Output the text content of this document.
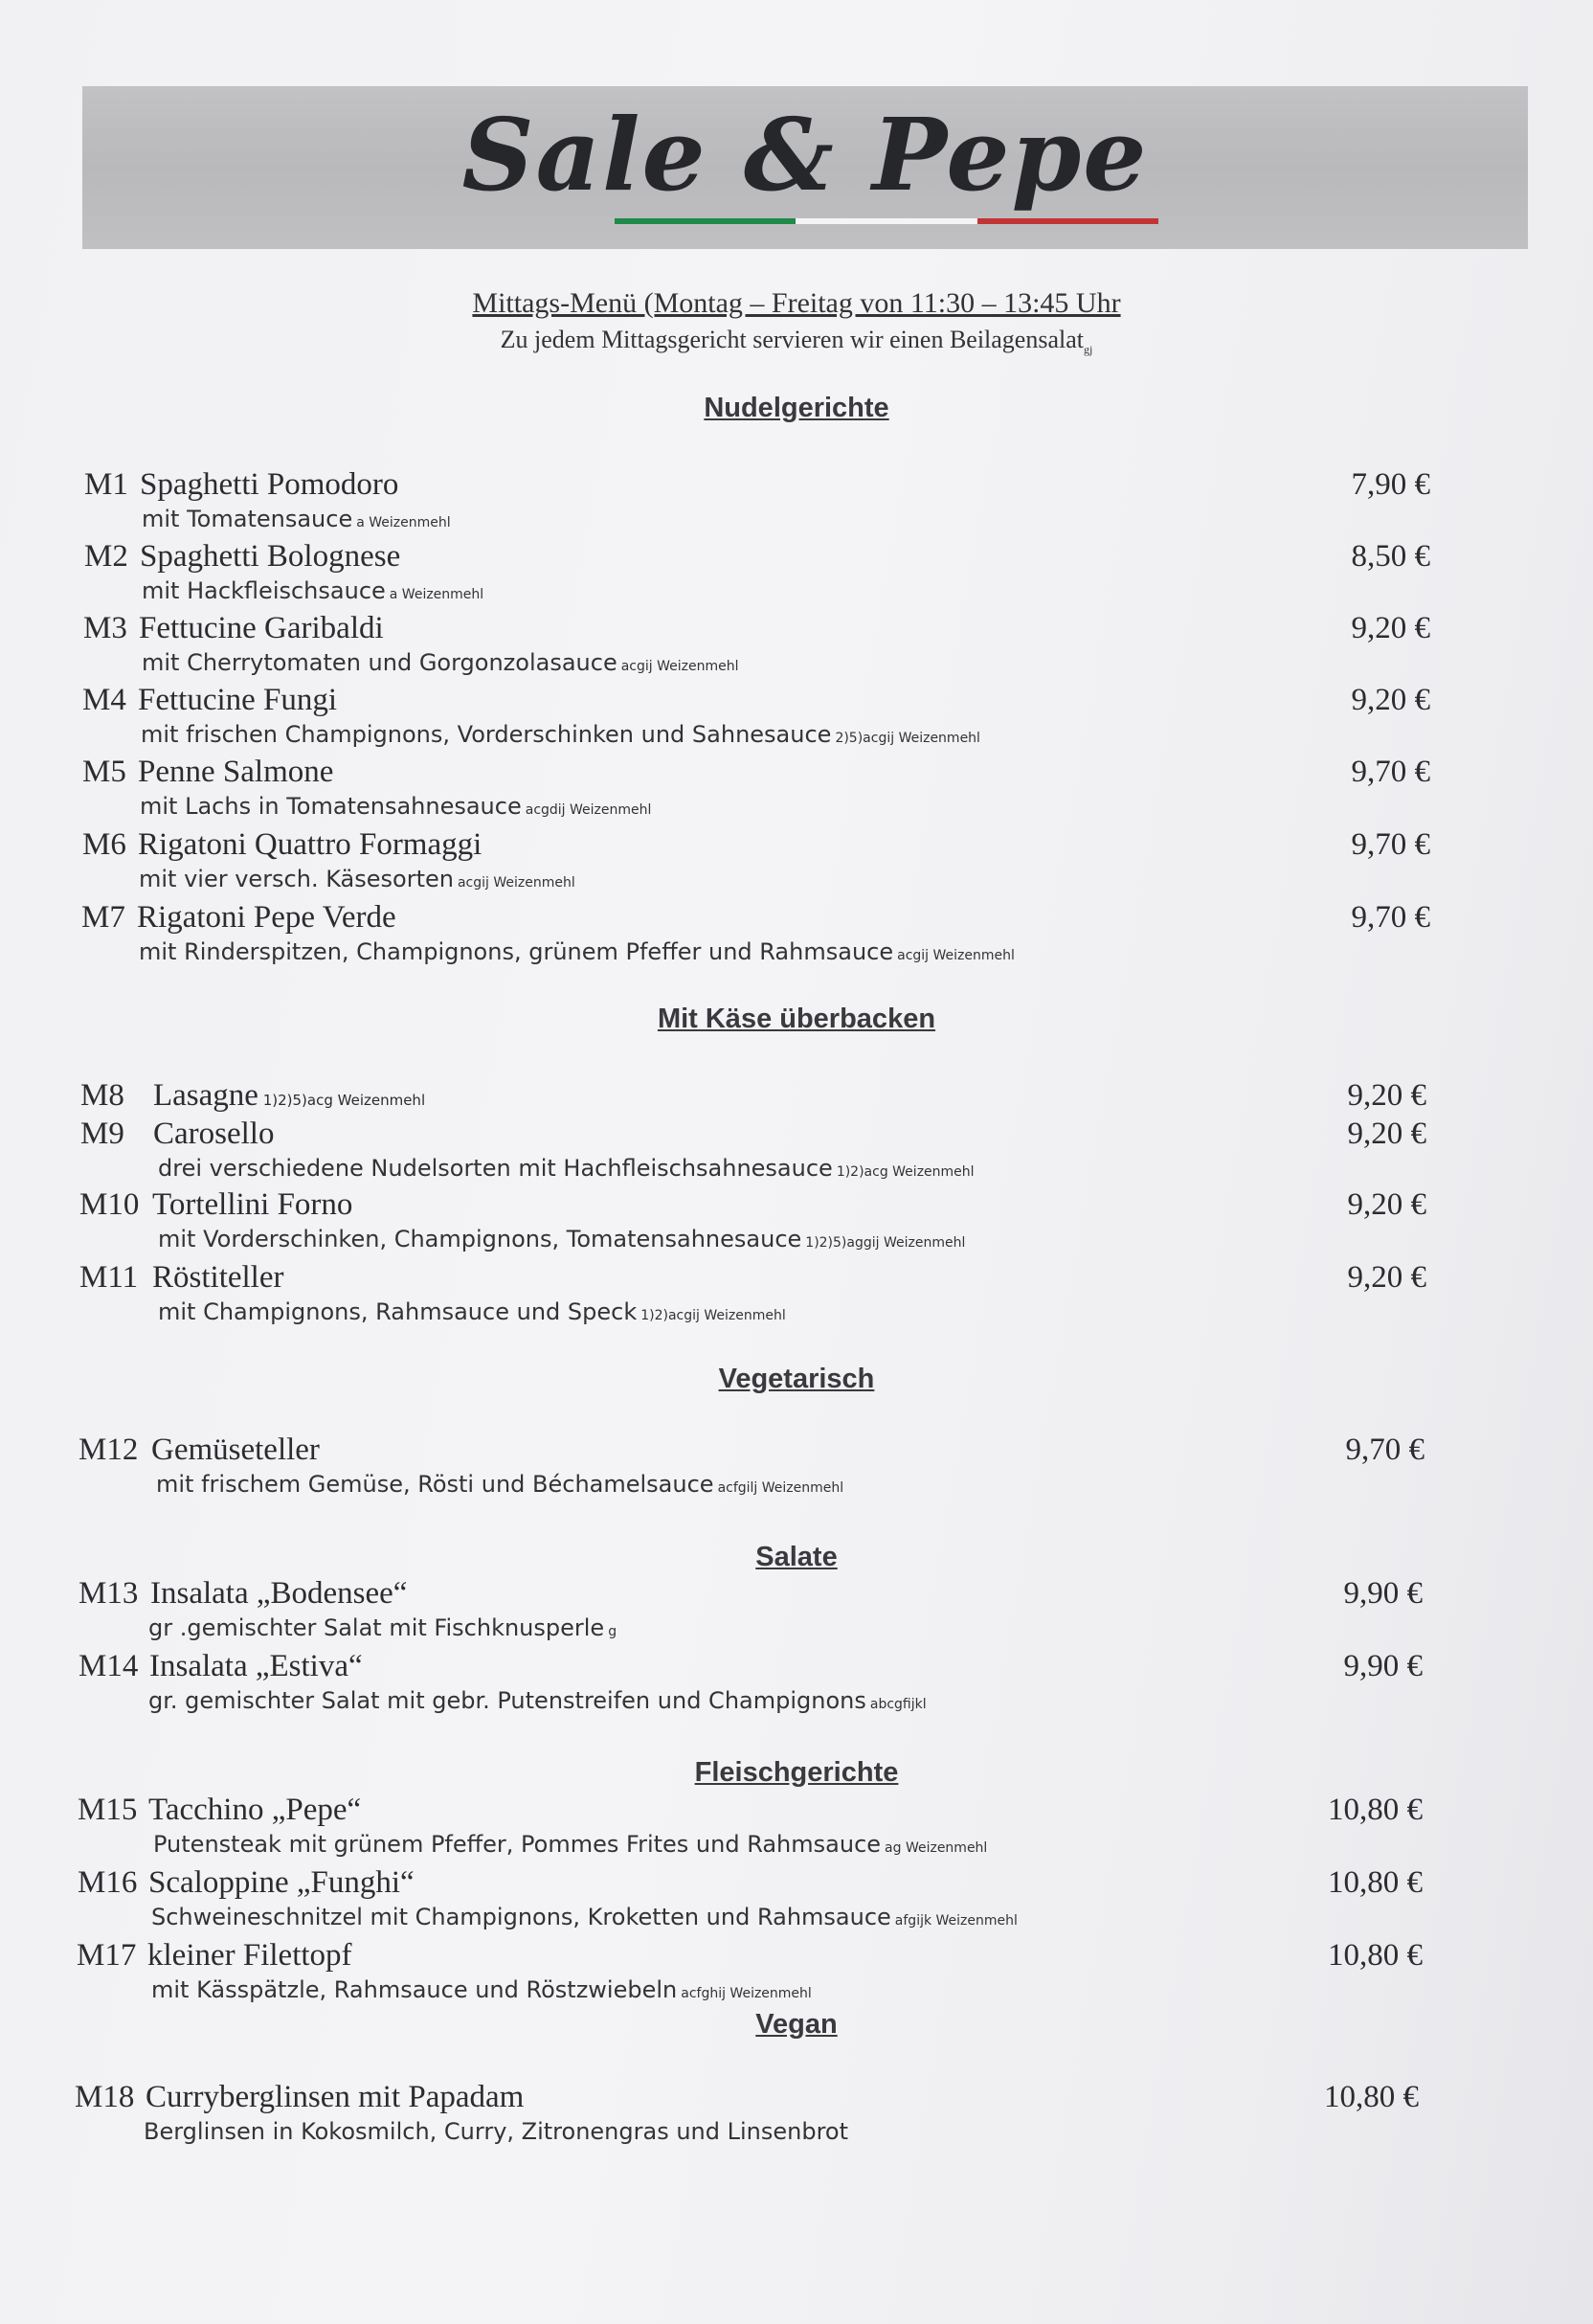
Sale & Pepe
Mittags-Menü (Montag – Freitag von 11:30 – 13:45 Uhr
Zu jedem Mittagsgericht servieren wir einen Beilagensalat$_{gj}$
Nudelgerichte
Mit Käse überbacken
Vegetarisch
Salate
Fleischgerichte
Vegan
M1 Spaghetti Pomodoro
mit Tomatensauce a Weizenmehl
7,90 €
M2 Spaghetti Bolognese
mit Hackfleischsauce a Weizenmehl
8,50 €
M3 Fettucine Garibaldi
mit Cherrytomaten und Gorgonzolasauce acgij Weizenmehl
9,20 €
M4 Fettucine Fungi
mit frischen Champignons, Vorderschinken und Sahnesauce 2)5)acgij Weizenmehl
9,20 €
M5 Penne Salmone
mit Lachs in Tomatensahnesauce acgdij Weizenmehl
9,70 €
M6 Rigatoni Quattro Formaggi
mit vier versch. Käsesorten acgij Weizenmehl
9,70 €
M7 Rigatoni Pepe Verde
mit Rinderspitzen, Champignons, grünem Pfeffer und Rahmsauce acgij Weizenmehl
9,70 €
M8 Lasagne 1)2)5)acg Weizenmehl	9,20 €
M9 Carosello
drei verschiedene Nudelsorten mit Hachfleischsahnesauce 1)2)acg Weizenmehl
9,20 €
M10 Tortellini Forno
mit Vorderschinken, Champignons, Tomatensahnesauce 1)2)5)aggij Weizenmehl
9,20 €
M11 Röstiteller
mit Champignons, Rahmsauce und Speck 1)2)acgij Weizenmehl
9,20 €
M12 Gemüseteller
mit frischem Gemüse, Rösti und Béchamelsauce acfgilj Weizenmehl
9,70 €
M13 Insalata „Bodensee“
gr .gemischter Salat mit Fischknusperle g
9,90 €
M14 Insalata „Estiva“
gr. gemischter Salat mit gebr. Putenstreifen und Champignons abcgfijkl
9,90 €
M15 Tacchino „Pepe“
Putensteak mit grünem Pfeffer, Pommes Frites und Rahmsauce ag Weizenmehl
10,80 €
M16 Scaloppine „Funghi“
Schweineschnitzel mit Champignons, Kroketten und Rahmsauce afgijk Weizenmehl
10,80 €
M17 kleiner Filettopf
mit Kässpätzle, Rahmsauce und Röstzwiebeln acfghij Weizenmehl
10,80 €
M18 Curryberglinsen mit Papadam
Berglinsen in Kokosmilch, Curry, Zitronengras und Linsenbrot
10,80 €
